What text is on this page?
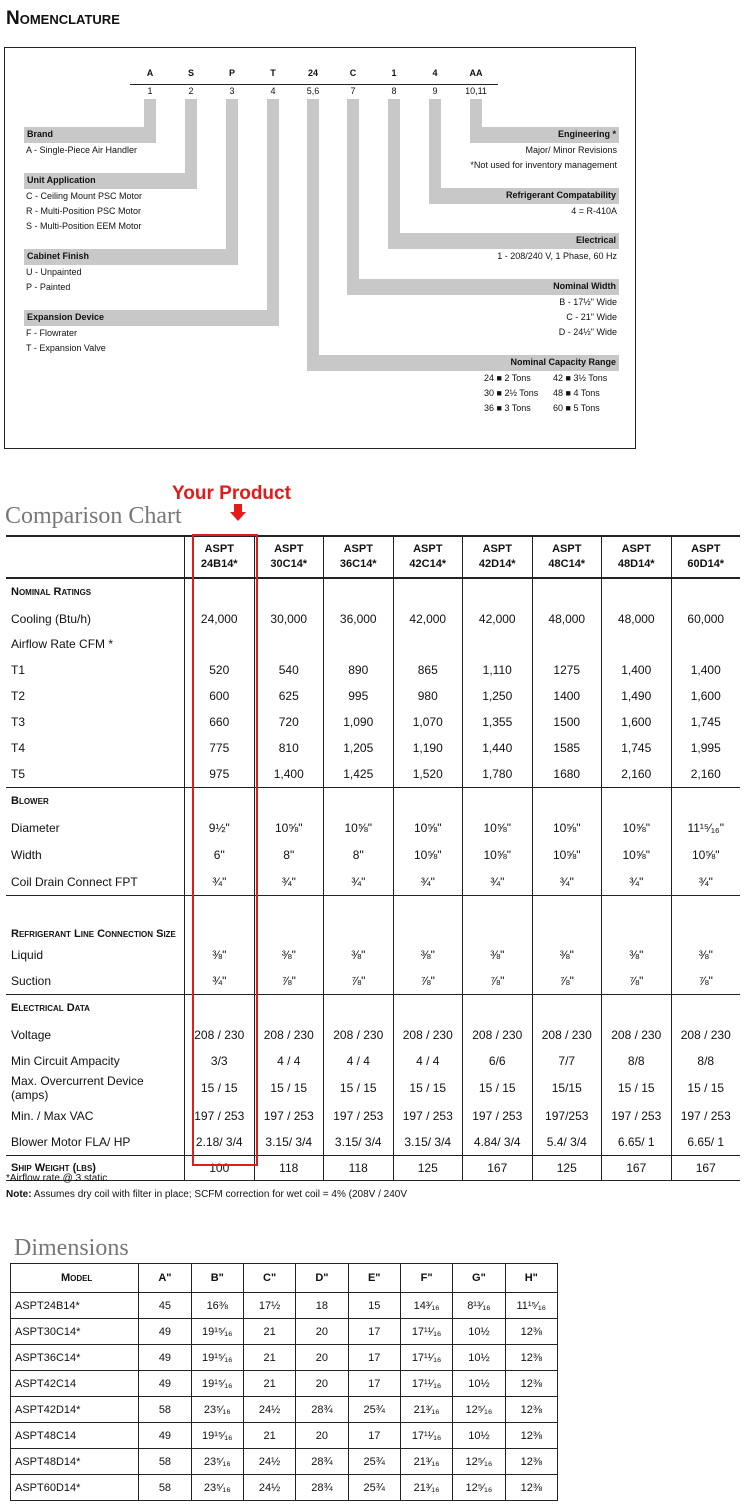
Nomenclature
A
1
S
2
P
3
T
4
24
5,6
C
7
1
8
4
9
AA
10,11
Brand
A - Single-Piece Air Handler
Unit Application
C - Ceiling Mount PSC Motor
R - Multi-Position PSC Motor
S - Multi-Position EEM Motor
Cabinet Finish
U - Unpainted
P - Painted
Expansion Device
F - Flowrater
T - Expansion Valve
Engineering *
Major/ Minor Revisions
*Not used for inventory management
Refrigerant Compatability
4 = R-410A
Electrical
1 - 208/240 V, 1 Phase, 60 Hz
Nominal Width
B - 17½" Wide
C - 21" Wide
D - 24½" Wide
Nominal Capacity Range
24 ■ 2 Tons
30 ■ 2½ Tons
36 ■ 3 Tons
42 ■ 3½ Tons
48 ■ 4 Tons
60 ■ 5 Tons
Your Product
Comparison Chart
	ASPT 24B14*	ASPT 30C14*	ASPT 36C14*	ASPT 42C14*	ASPT 42D14*	ASPT 48C14*	ASPT 48D14*	ASPT 60D14*
Nominal Ratings								
Cooling (Btu/h)	24,000	30,000	36,000	42,000	42,000	48,000	48,000	60,000
Airflow Rate CFM *								
T1	520	540	890	865	1,110	1275	1,400	1,400
T2	600	625	995	980	1,250	1400	1,490	1,600
T3	660	720	1,090	1,070	1,355	1500	1,600	1,745
T4	775	810	1,205	1,190	1,440	1585	1,745	1,995
T5	975	1,400	1,425	1,520	1,780	1680	2,160	2,160
Blower								
Diameter	9½"	10⅝"	10⅝"	10⅝"	10⅝"	10⅝"	10⅝"	11¹⁵⁄₁₆"
Width	6"	8"	8"	10⅝"	10⅝"	10⅝"	10⅝"	10⅝"
Coil Drain Connect FPT	¾"	¾"	¾"	¾"	¾"	¾"	¾"	¾"
Refrigerant Line Connection Size								
Liquid	⅜"	⅜"	⅜"	⅜"	⅜"	⅜"	⅜"	⅜"
Suction	¾"	⅞"	⅞"	⅞"	⅞"	⅞"	⅞"	⅞"
Electrical Data								
Voltage	208 / 230	208 / 230	208 / 230	208 / 230	208 / 230	208 / 230	208 / 230	208 / 230
Min Circuit Ampacity	3/3	4 / 4	4 / 4	4 / 4	6/6	7/7	8/8	8/8
Max. Overcurrent Device (amps)	15 / 15	15 / 15	15 / 15	15 / 15	15 / 15	15/15	15 / 15	15 / 15
Min. / Max VAC	197 / 253	197 / 253	197 / 253	197 / 253	197 / 253	197/253	197 / 253	197 / 253
Blower Motor FLA/ HP	2.18/ 3/4	3.15/ 3/4	3.15/ 3/4	3.15/ 3/4	4.84/ 3/4	5.4/ 3/4	6.65/ 1	6.65/ 1
Ship Weight (lbs)	100	118	118	125	167	125	167	167
*Airflow rate @.3 static
Note: Assumes dry coil with filter in place; SCFM correction for wet coil = 4% (208V / 240V
Dimensions
Model	A"	B"	C"	D"	E"	F"	G"	H"
ASPT24B14*	45	16⅜	17½	18	15	14³⁄₁₆	8¹³⁄₁₆	11¹⁵⁄₁₆
ASPT30C14*	49	19¹⁵⁄₁₆	21	20	17	17¹¹⁄₁₆	10½	12⅜
ASPT36C14*	49	19¹⁵⁄₁₆	21	20	17	17¹¹⁄₁₆	10½	12⅜
ASPT42C14	49	19¹⁵⁄₁₆	21	20	17	17¹¹⁄₁₆	10½	12⅜
ASPT42D14*	58	23⁵⁄₁₆	24½	28¾	25¾	21³⁄₁₆	12⁵⁄₁₆	12⅜
ASPT48C14	49	19¹⁵⁄₁₆	21	20	17	17¹¹⁄₁₆	10½	12⅜
ASPT48D14*	58	23⁵⁄₁₆	24½	28¾	25¾	21³⁄₁₆	12⁵⁄₁₆	12⅜
ASPT60D14*	58	23⁵⁄₁₆	24½	28¾	25¾	21³⁄₁₆	12⁵⁄₁₆	12⅜
